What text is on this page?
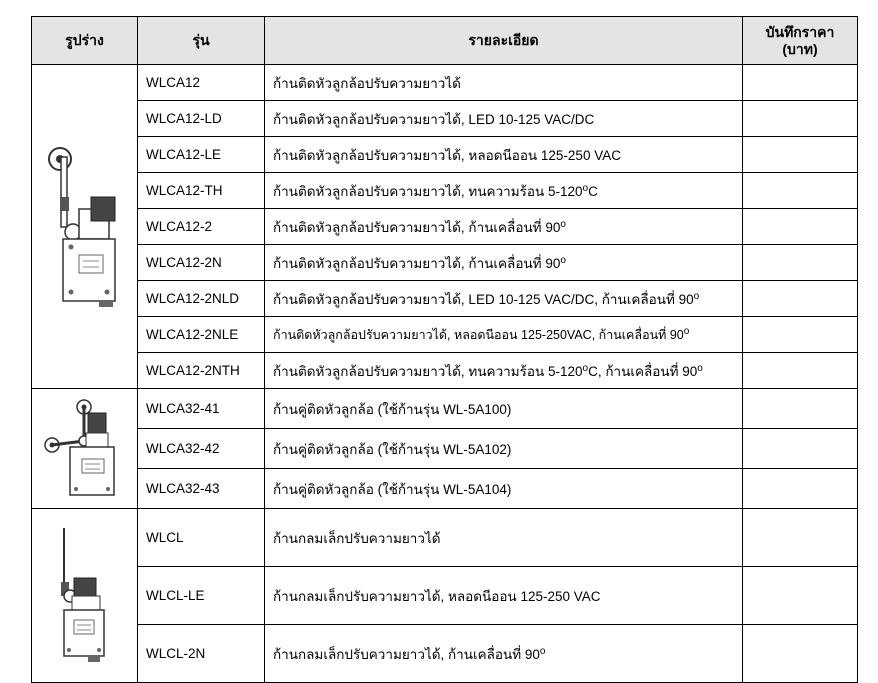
รูปร่าง	รุ่น	รายละเอียด	บันทึกราคา
(บาท)

	WLCA12	ก้านติดหัวลูกล้อปรับความยาวได้	
	WLCA12-LD	ก้านติดหัวลูกล้อปรับความยาวได้, LED 10-125 VAC/DC	
	WLCA12-LE	ก้านติดหัวลูกล้อปรับความยาวได้, หลอดนีออน 125-250 VAC	
	WLCA12-TH	ก้านติดหัวลูกล้อปรับความยาวได้, ทนความร้อน 5-120$^o$C	
	WLCA12-2	ก้านติดหัวลูกล้อปรับความยาวได้, ก้านเคลื่อนที่ 90$^o$	
	WLCA12-2N	ก้านติดหัวลูกล้อปรับความยาวได้, ก้านเคลื่อนที่ 90$^o$	
	WLCA12-2NLD	ก้านติดหัวลูกล้อปรับความยาวได้, LED 10-125 VAC/DC, ก้านเคลื่อนที่ 90$^o$	
	WLCA12-2NLE	ก้านติดหัวลูกล้อปรับความยาวได้, หลอดนีออน 125-250VAC, ก้านเคลื่อนที่ 90$^o$	
	WLCA12-2NTH	ก้านติดหัวลูกล้อปรับความยาวได้, ทนความร้อน 5-120$^o$C, ก้านเคลื่อนที่ 90$^o$	

	WLCA32-41	ก้านคู่ติดหัวลูกล้อ (ใช้ก้านรุ่น WL-5A100)	
	WLCA32-42	ก้านคู่ติดหัวลูกล้อ (ใช้ก้านรุ่น WL-5A102)	
	WLCA32-43	ก้านคู่ติดหัวลูกล้อ (ใช้ก้านรุ่น WL-5A104)	

	WLCL	ก้านกลมเล็กปรับความยาวได้	
	WLCL-LE	ก้านกลมเล็กปรับความยาวได้, หลอดนีออน 125-250 VAC	
	WLCL-2N	ก้านกลมเล็กปรับความยาวได้, ก้านเคลื่อนที่ 90$^o$	
